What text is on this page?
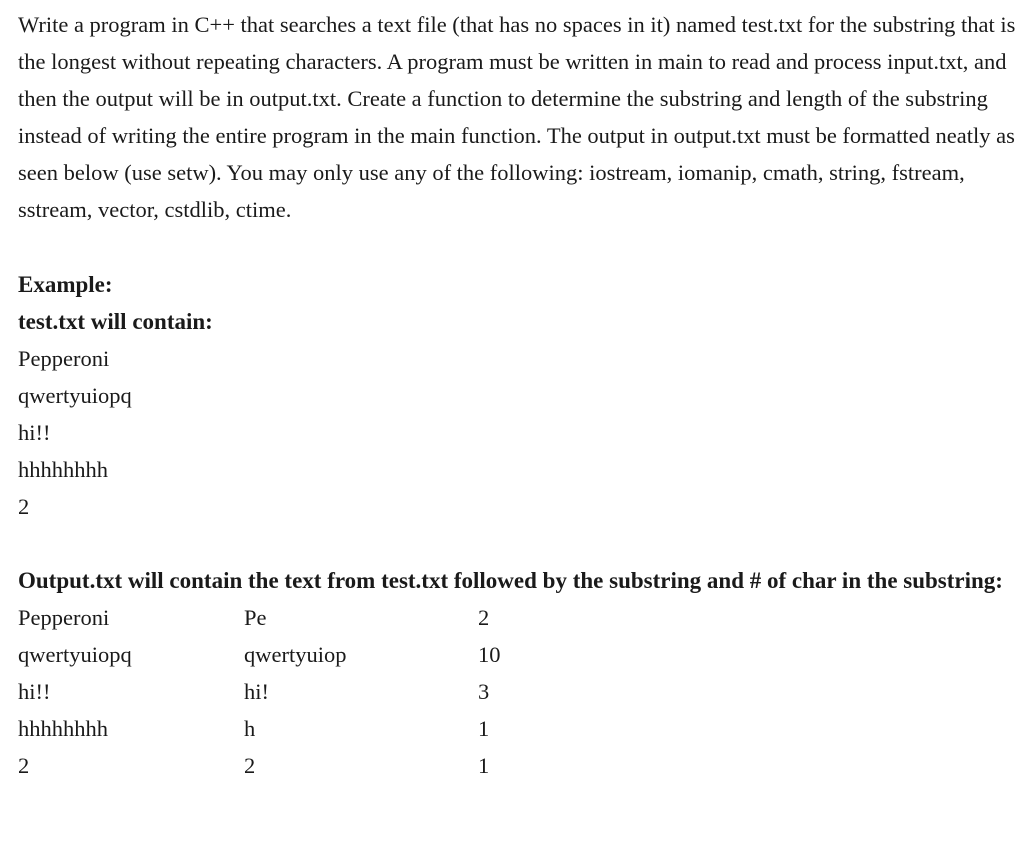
Write a program in C++ that searches a text file (that has no spaces in it) named test.txt for the substring that is the longest without repeating characters. A program must be written in main to read and process input.txt, and then the output will be in output.txt. Create a function to determine the substring and length of the substring instead of writing the entire program in the main function. The output in output.txt must be formatted neatly as seen below (use setw). You may only use any of the following: iostream, iomanip, cmath, string, fstream, sstream, vector, cstdlib, ctime.

Example:

test.txt will contain:

Pepperoni

qwertyuiopq

hi!!

hhhhhhhh

2

Output.txt will contain the text from test.txt followed by the substring and # of char in the substring:

Pepperoni	Pe	2
qwertyuiopq	qwertyuiop	10
hi!!	hi!	3
hhhhhhhh	h	1
2	2	1
